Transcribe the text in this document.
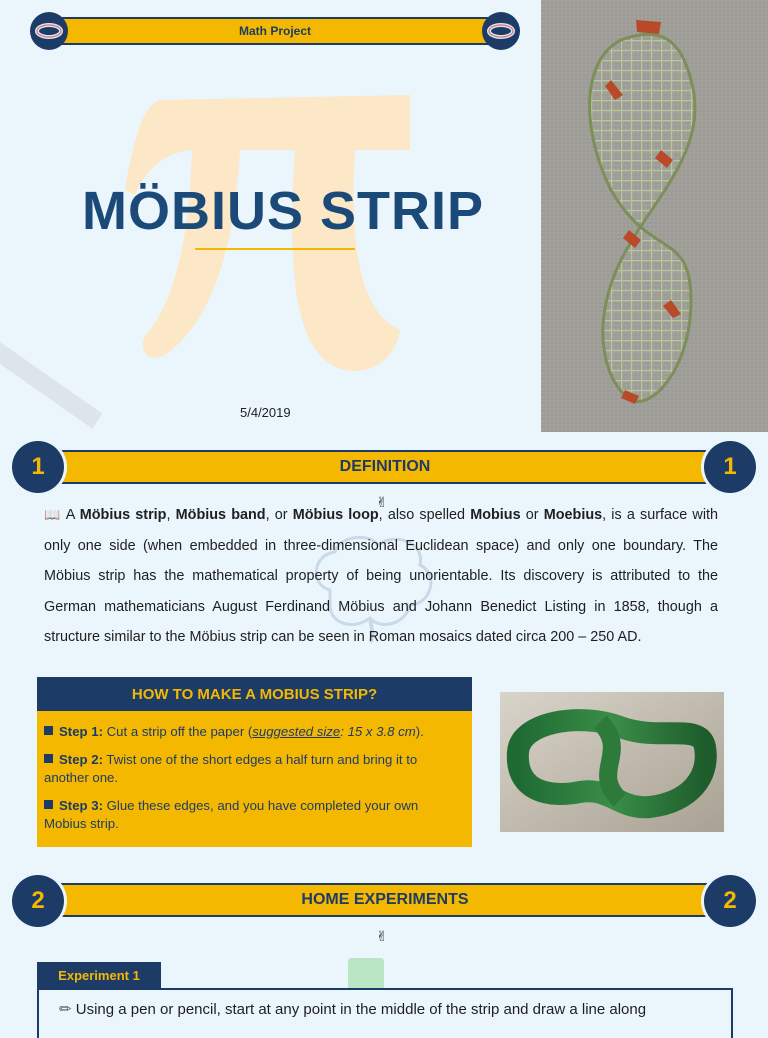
Math Project
MÖBIUS STRIP
5/4/2019
DEFINITION
1	1
✌
📖 A Möbius strip, Möbius band, or Möbius loop, also spelled Mobius or Moebius, is a surface with only one side (when embedded in three-dimensional Euclidean space) and only one boundary. The Möbius strip has the mathematical property of being unorientable. Its discovery is attributed to the German mathematicians August Ferdinand Möbius and Johann Benedict Listing in 1858, though a structure similar to the Möbius strip can be seen in Roman mosaics dated circa 200 – 250 AD.
HOW TO MAKE A MOBIUS STRIP?
Step 1: Cut a strip off the paper (suggested size: 15 x 3.8 cm).
Step 2: Twist one of the short edges a half turn and bring it to another one.
Step 3: Glue these edges, and you have completed your own Mobius strip.
HOME EXPERIMENTS
2	2
✌
Experiment 1
✏ Using a pen or pencil, start at any point in the middle of the strip and draw a line along
